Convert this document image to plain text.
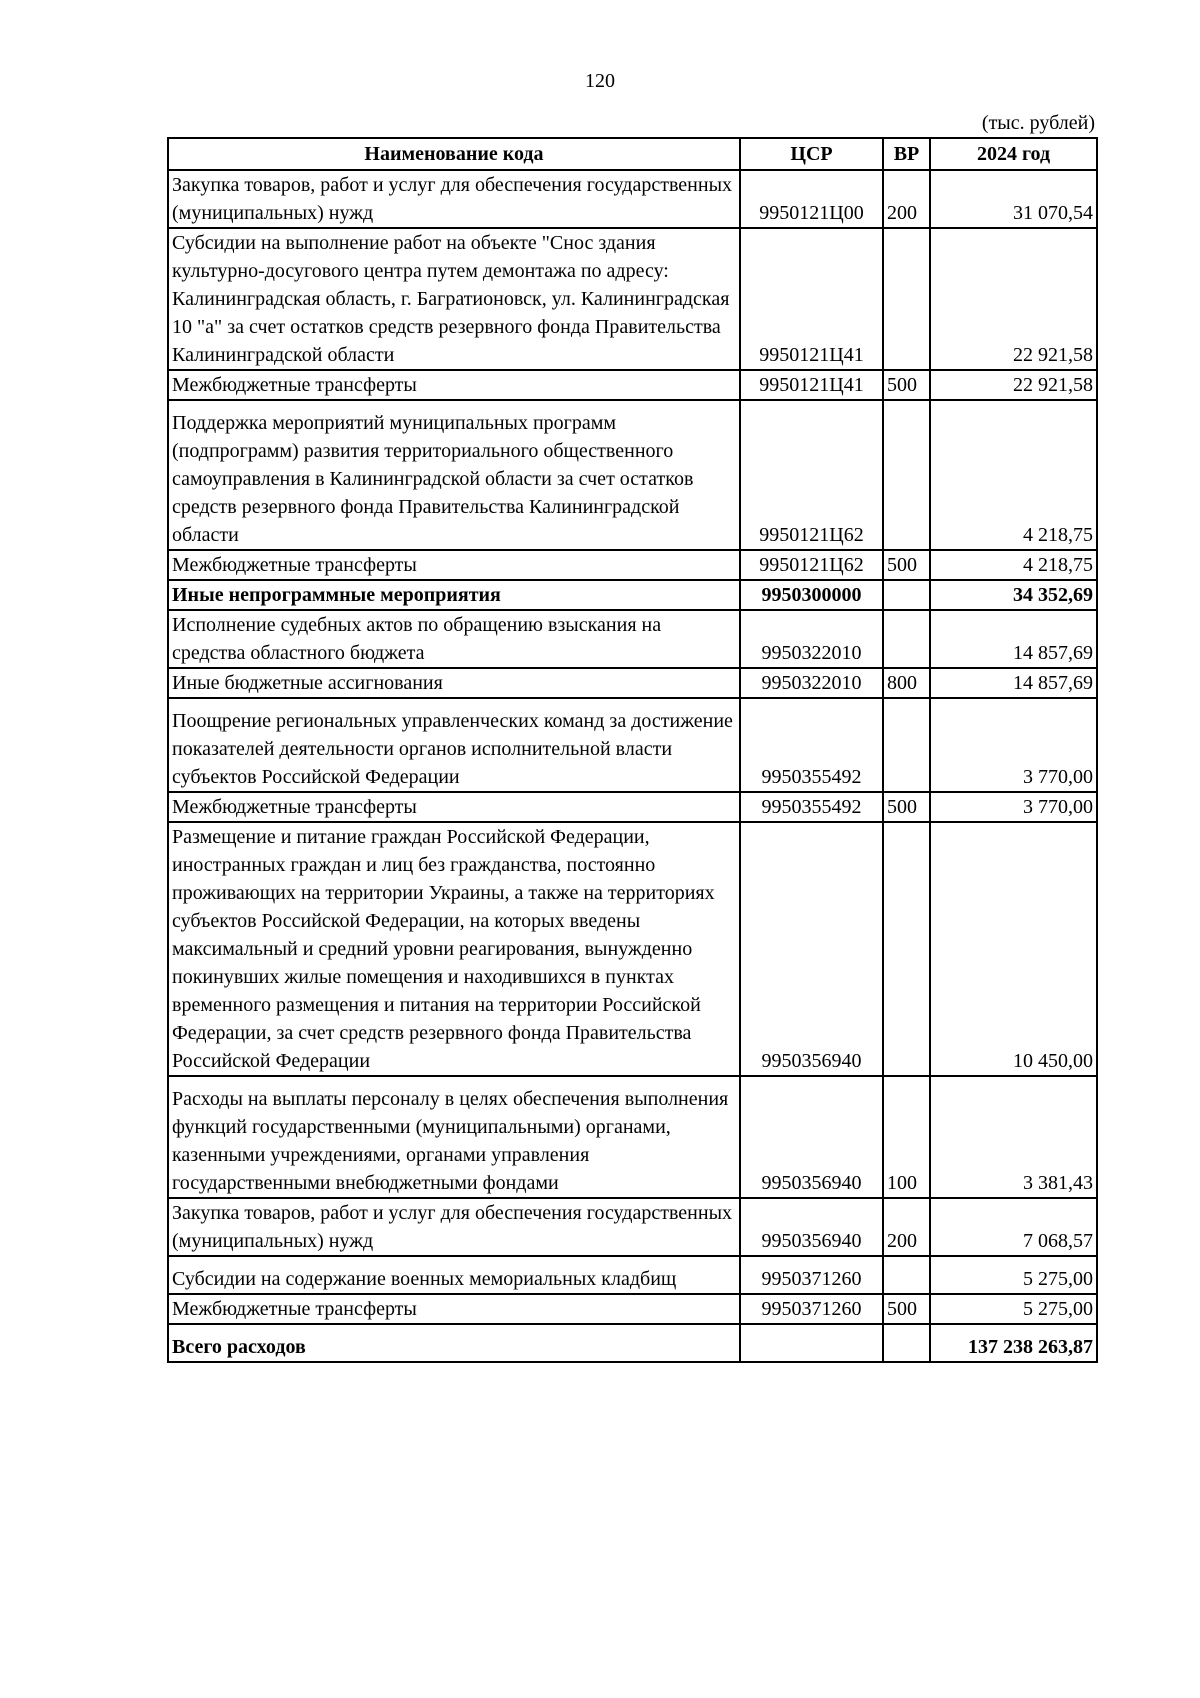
120
(тыс. рублей)
Наименование кода	ЦСР	ВР	2024 год
Закупка товаров, работ и услуг для обеспечения государственных (муниципальных) нужд	9950121Ц00	200	31 070,54
Субсидии на выполнение работ на объекте "Снос здания культурно-досугового центра путем демонтажа по адресу: Калининградская область, г. Багратионовск, ул. Калининградская 10 "а" за счет остатков средств резервного фонда Правительства Калининградской области	9950121Ц41		22 921,58
Межбюджетные трансферты	9950121Ц41	500	22 921,58
Поддержка мероприятий муниципальных программ (подпрограмм) развития территориального общественного самоуправления в Калининградской области за счет остатков средств резервного фонда Правительства Калининградской области	9950121Ц62		4 218,75
Межбюджетные трансферты	9950121Ц62	500	4 218,75
Иные непрограммные мероприятия	9950300000		34 352,69
Исполнение судебных актов по обращению взыскания на средства областного бюджета	9950322010		14 857,69
Иные бюджетные ассигнования	9950322010	800	14 857,69
Поощрение региональных управленческих команд за достижение показателей деятельности органов исполнительной власти субъектов Российской Федерации	9950355492		3 770,00
Межбюджетные трансферты	9950355492	500	3 770,00
Размещение и питание граждан Российской Федерации, иностранных граждан и лиц без гражданства, постоянно проживающих на территории Украины, а также на территориях субъектов Российской Федерации, на которых введены максимальный и средний уровни реагирования, вынужденно покинувших жилые помещения и находившихся в пунктах временного размещения и питания на территории Российской Федерации, за счет средств резервного фонда Правительства Российской Федерации	9950356940		10 450,00
Расходы на выплаты персоналу в целях обеспечения выполнения функций государственными (муниципальными) органами, казенными учреждениями, органами управления государственными внебюджетными фондами	9950356940	100	3 381,43
Закупка товаров, работ и услуг для обеспечения государственных (муниципальных) нужд	9950356940	200	7 068,57
Субсидии на содержание военных мемориальных кладбищ	9950371260		5 275,00
Межбюджетные трансферты	9950371260	500	5 275,00
Всего расходов			137 238 263,87
